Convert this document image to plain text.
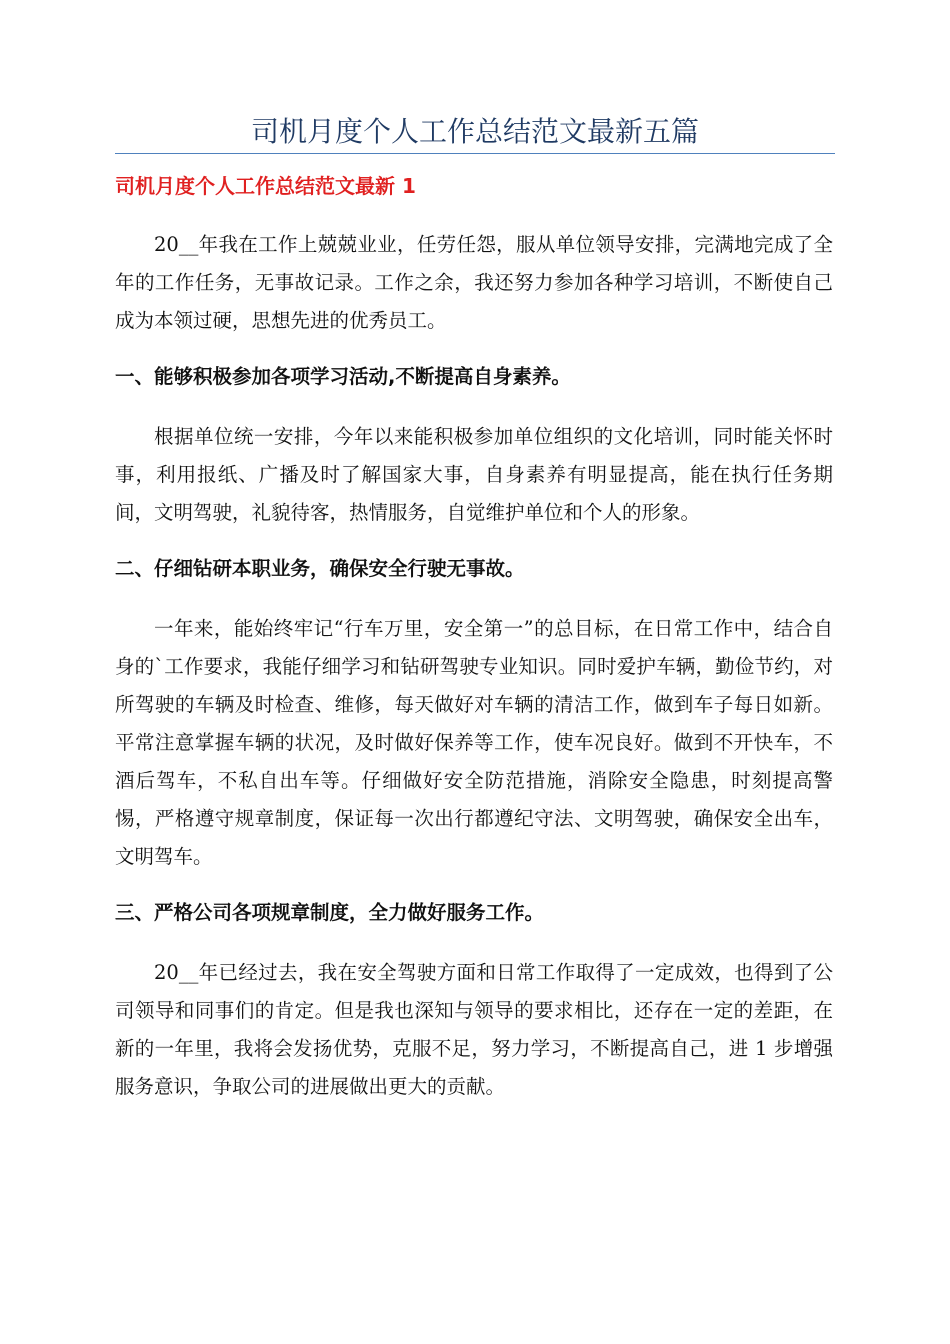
司机月度个人工作总结范文最新五篇
司机月度个人工作总结范文最新 1

20__年我在工作上兢兢业业，任劳任怨，服从单位领导安排，完满地完成了全年的工作任务，无事故记录。工作之余，我还努力参加各种学习培训，不断使自己成为本领过硬，思想先进的优秀员工。

一、能够积极参加各项学习活动,不断提高自身素养。

根据单位统一安排，今年以来能积极参加单位组织的文化培训，同时能关怀时事，利用报纸、广播及时了解国家大事，自身素养有明显提高，能在执行任务期间，文明驾驶，礼貌待客，热情服务，自觉维护单位和个人的形象。

二、仔细钻研本职业务，确保安全行驶无事故。

一年来，能始终牢记“行车万里，安全第一”的总目标，在日常工作中，结合自身的`工作要求，我能仔细学习和钻研驾驶专业知识。同时爱护车辆，勤俭节约，对所驾驶的车辆及时检查、维修，每天做好对车辆的清洁工作，做到车子每日如新。平常注意掌握车辆的状况，及时做好保养等工作，使车况良好。做到不开快车，不酒后驾车，不私自出车等。仔细做好安全防范措施，消除安全隐患，时刻提高警惕，严格遵守规章制度，保证每一次出行都遵纪守法、文明驾驶，确保安全出车，文明驾车。

三、严格公司各项规章制度，全力做好服务工作。

20__年已经过去，我在安全驾驶方面和日常工作取得了一定成效，也得到了公司领导和同事们的肯定。但是我也深知与领导的要求相比，还存在一定的差距，在新的一年里，我将会发扬优势，克服不足，努力学习，不断提高自己，进 1 步增强服务意识，争取公司的进展做出更大的贡献。
